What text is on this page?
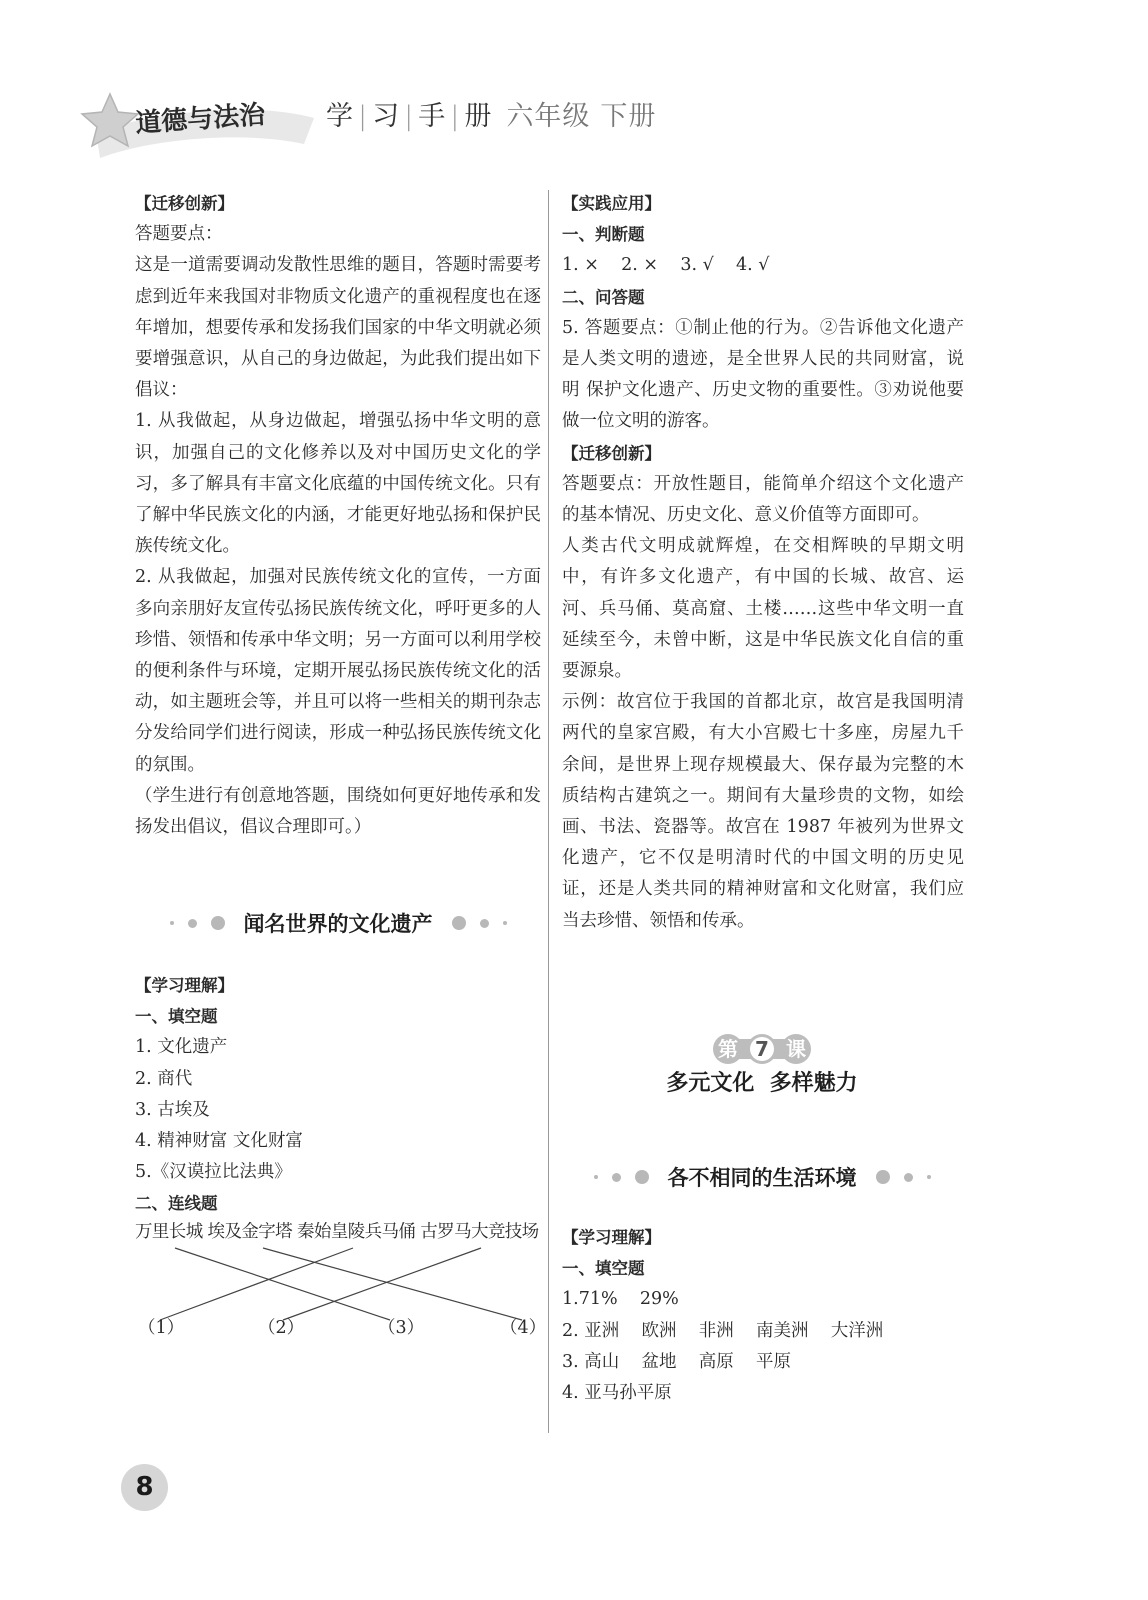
道德与法治 学 | 习 | 手 | 册 六年级 下册

【迁移创新】

答题要点：

这是一道需要调动发散性思维的题目，答题时需要考虑到近年来我国对非物质文化遗产的重视程度也在逐年增加，想要传承和发扬我们国家的中华文明就必须要增强意识，从自己的身边做起，为此我们提出如下倡议：

1. 从我做起，从身边做起，增强弘扬中华文明的意识，加强自己的文化修养以及对中国历史文化的学习，多了解具有丰富文化底蕴的中国传统文化。只有了解中华民族文化的内涵，才能更好地弘扬和保护民族传统文化。

2. 从我做起，加强对民族传统文化的宣传，一方面多向亲朋好友宣传弘扬民族传统文化，呼吁更多的人珍惜、领悟和传承中华文明；另一方面可以利用学校的便利条件与环境，定期开展弘扬民族传统文化的活动，如主题班会等，并且可以将一些相关的期刊杂志分发给同学们进行阅读，形成一种弘扬民族传统文化的氛围。

（学生进行有创意地答题，围绕如何更好地传承和发扬发出倡议，倡议合理即可。）

闻名世界的文化遗产

【学习理解】

一、填空题

1. 文化遗产

2. 商代

3. 古埃及

4. 精神财富 文化财富

5.《汉谟拉比法典》

二、连线题

万里长城 埃及金字塔 秦始皇陵兵马俑 古罗马大竞技场
（1）	（2）	（3）	（4）

【实践应用】

一、判断题

1. ×    2. ×    3. √    4. √

二、问答题

5. 答题要点：①制止他的行为。②告诉他文化遗产是人类文明的遗迹，是全世界人民的共同财富，说明 保护文化遗产、历史文物的重要性。③劝说他要做一位文明的游客。

【迁移创新】

答题要点：开放性题目，能简单介绍这个文化遗产的基本情况、历史文化、意义价值等方面即可。

人类古代文明成就辉煌，在交相辉映的早期文明中，有许多文化遗产，有中国的长城、故宫、运河、兵马俑、莫高窟、土楼……这些中华文明一直延续至今，未曾中断，这是中华民族文化自信的重要源泉。

示例：故宫位于我国的首都北京，故宫是我国明清两代的皇家宫殿，有大小宫殿七十多座，房屋九千余间，是世界上现存规模最大、保存最为完整的木质结构古建筑之一。期间有大量珍贵的文物，如绘画、书法、瓷器等。故宫在 1987 年被列为世界文化遗产，它不仅是明清时代的中国文明的历史见证，还是人类共同的精神财富和文化财富，我们应当去珍惜、领悟和传承。

第 7 课
多元文化  多样魅力
各不相同的生活环境

【学习理解】

一、填空题

1.71%    29%

2. 亚洲    欧洲    非洲    南美洲    大洋洲

3. 高山    盆地    高原    平原

4. 亚马孙平原

8
